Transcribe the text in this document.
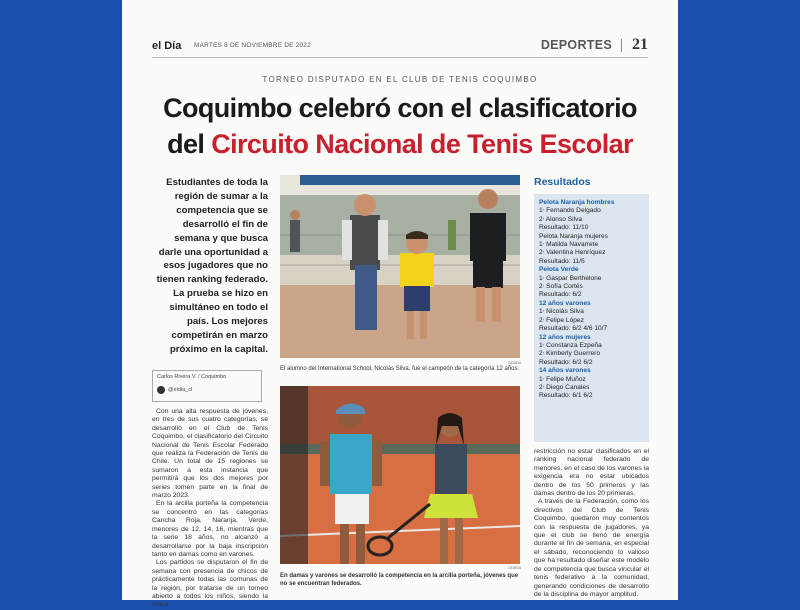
el Día MARTES 8 DE NOVIEMBRE DE 2022	DEPORTES 21
TORNEO DISPUTADO EN EL CLUB DE TENIS COQUIMBO
Coquimbo celebró con el clasificatorio
del Circuito Nacional de Tenis Escolar
Estudiantes de toda la región de sumar a la competencia que se desarrolló el fin de semana y que busca darle una oportunidad a esos jugadores que no tienen ranking federado. La prueba se hizo en simultáneo en todo el país. Los mejores competirán en marzo próximo en la capital.
Carlos Rivera V. / Coquimbo
@eldia_cl

Con una alta respuesta de jóvenes, en tres de sus cuatro categorías, se desarrolló en el Club de Tenis Coquimbo, el clasificatorio del Circuito Nacional de Tenis Escolar Federado que realiza la Federación de Tenis de Chile. Un total de 15 regiones se sumaron a esta instancia que permitirá que los dos mejores por series tomen parte en la final de marzo 2023.

En la arcilla porteña la competencia se concentró en las categorías Cancha Roja, Naranja, Verde, menores de 12, 14, 16, mientras que la serie 18 años, no alcanzó a desarrollarse por la baja inscripción tanto en damas como en varones.

Los partidos se disputaron el fin de semana con presencia de chicos de prácticamente todas las comunas de la región, por tratarse de un torneo abierto a todos los niños, siendo la única

CEDIDA
El alumno del International School, Nicolás Silva, fue el campeón de la categoría 12 años.
CEDIDA
En damas y varones se desarrolló la competencia en la arcilla porteña, jóvenes que no se encuentran federados.
Resultados
Pelota Naranja hombres
1° Fernando Delgado
2° Alonso Silva
Resultado: 11/10
Pelota Naranja mujeres
1° Matilda Navarrete
2° Valentina Henríquez
Resultado: 11/5
Pelota Verde
1° Gaspar Berthelone
2° Sofía Cortés
Resultado: 6/2
12 años varones
1° Nicolás Silva
2° Felipe López
Resultado: 6/2 4/6 10/7
12 años mujeres
1° Constanza Ezpeña
2° Kimberly Guerrero
Resultado: 6/2 6/2
14 años varones
1° Felipe Muñoz
2° Diego Canales
Resultado: 6/1 6/2

restricción no estar clasificados en el ranking nacional federado de menores, en el caso de los varones la exigencia era no estar ubicados dentro de los 50 primeros y las damas dentro de los 20 primeras.

A través de la Federación, como los directivos del Club de Tenis Coquimbo, quedaron muy contentos con la respuesta de jugadores, ya que el club se llenó de energía durante el fin de semana, en especial el sábado, reconociendo lo valioso que ha resultado diseñar este modelo de competencia que busca vincular el tenis federativo a la comunidad, generando condiciones de desarrollo de la disciplina de mayor amplitud.
